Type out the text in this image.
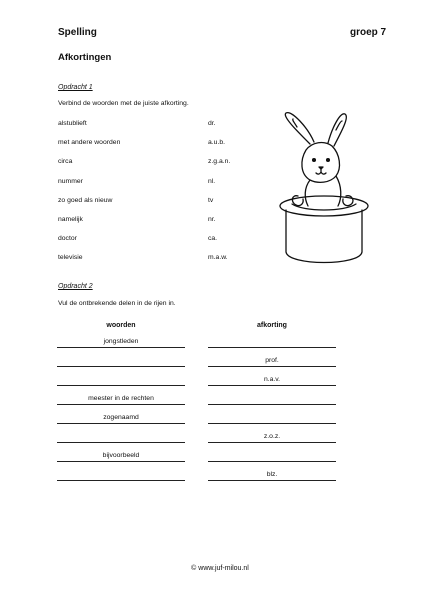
Spelling	groep 7
Afkortingen
Opdracht 1
Verbind de woorden met de juiste afkorting.
alstublieft
met andere woorden
circa
nummer
zo goed als nieuw
namelijk
doctor
televisie
dr.
a.u.b.
z.g.a.n.
nl.
tv
nr.
ca.
m.a.w.
Opdracht 2
Vul de ontbrekende delen in de rijen in.
woorden	afkorting
jongstleden
prof.
n.a.v.
meester in de rechten
zogenaamd
z.o.z.
bijvoorbeeld
blz.
© www.juf-milou.nl
